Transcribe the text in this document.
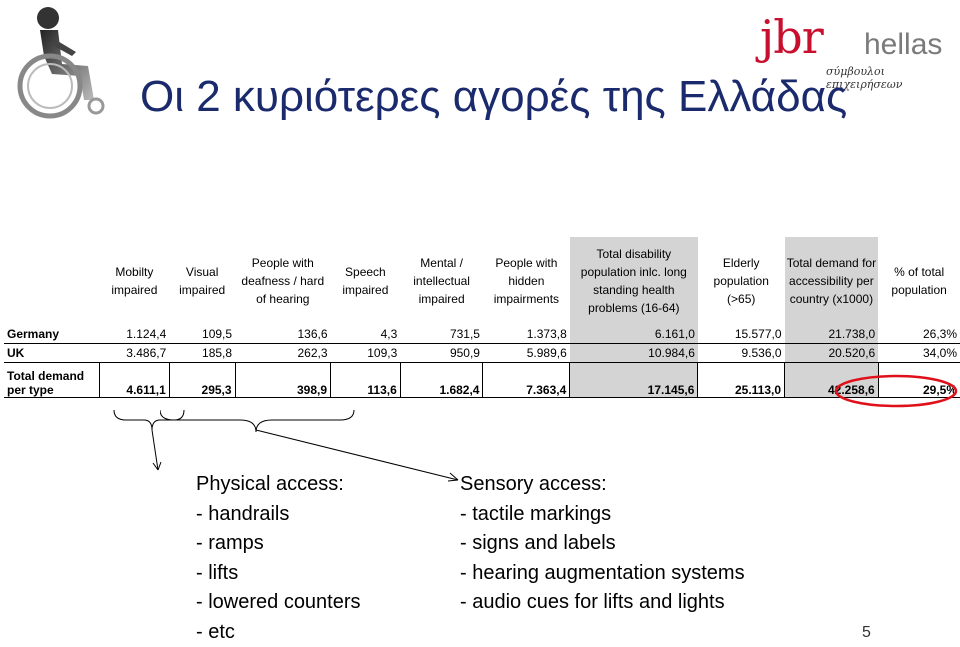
jbr hellas
σύμβουλοι επιχειρήσεων
Οι 2 κυριότερες αγορές της Ελλάδας
	Mobilty impaired	Visual impaired	People with deafness / hard of hearing	Speech impaired	Mental / intellectual impaired	People with hidden impairments	Total disability population inlc. long standing health problems (16-64)	Elderly population (>65)	Total demand for accessibility per country (x1000)	% of total population
Germany	1.124,4	109,5	136,6	4,3	731,5	1.373,8	6.161,0	15.577,0	21.738,0	26,3%
UK	3.486,7	185,8	262,3	109,3	950,9	5.989,6	10.984,6	9.536,0	20.520,6	34,0%
Total demand per type	4.611,1	295,3	398,9	113,6	1.682,4	7.363,4	17.145,6	25.113,0	42.258,6	29,5%
Physical access:
- handrails
- ramps
- lifts
- lowered counters
- etc
Sensory access:
- tactile markings
- signs and labels
- hearing augmentation systems
- audio cues for lifts and lights
5
